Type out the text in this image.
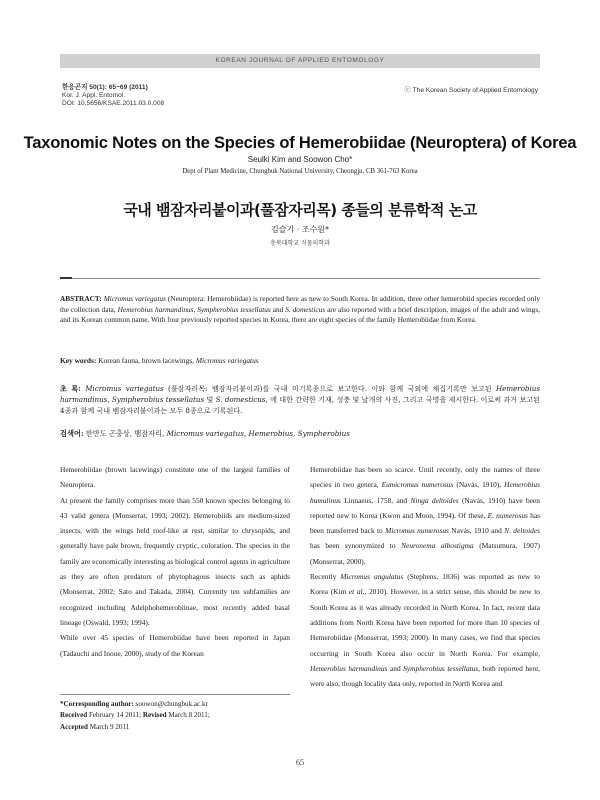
KOREAN JOURNAL OF APPLIED ENTOMOLOGY
한응곤지 50(1): 65~69 (2011)
Kor. J. Appl. Entomol.
DOI: 10.5656/KSAE.2011.03.0.008
ⓒ The Korean Society of Applied Entomology
Taxonomic Notes on the Species of Hemerobiidae (Neuroptera) of Korea
Seulki Kim and Soowon Cho*
Dept of Plant Medicine, Chungbuk National University, Cheongju, CB 361-763 Korea
국내 뱀잠자리붙이과(풀잠자리목) 종들의 분류학적 논고
김슬기 · 조수원*
충북대학교 식물의학과
ABSTRACT: Micromus variegatus (Neuroptera: Hemerobiidae) is reported here as new to South Korea. In addition, three other hemerobiid species recorded only the collection data, Hemerobius harmandinus, Sympherobius tessellatus and S. domesticus are also reported with a brief description, images of the adult and wings, and its Korean common name. With four previously reported species in Korea, there are eight species of the family Hemerobiidae from Korea.
Key words: Korean fauna, brown lacewings, Micromus variegatus
초 록: Micromus variegatus (풀잠자리목: 뱀잠자리붙이과)를 국내 미기록종으로 보고한다. 이와 함께 국외에 채집기록만 보고된 Hemerobius harmandinus, Sympherobius tessellatus 및 S. domesticus, 에 대한 간략한 기재, 성충 및 날개의 사진, 그리고 국명을 제시한다. 이로써 과거 보고된 4종과 함께 국내 뱀잠자리붙이과는 모두 8종으로 기록된다.
검색어: 한반도 곤충상, 뱀잠자리, Micromus variegatus, Hemerobius, Sympherobius

Hemerobiidae (brown lacewings) constitute one of the largest families of Neuroptera.

At present the family comprises more than 550 known species belonging to 43 valid genera (Monserrat, 1993; 2002). Hemerobiids are medium-sized insects, with the wings held roof-like at rest, similar to chrysopids, and generally have pale brown, frequently cryptic, coloration. The species in the family are economically interesting as biological control agents in agriculture as they are often predators of phytophagous insects such as aphids (Monserrat, 2002; Sato and Takada, 2004). Currently ten subfamilies are recognized including Adelphohemerobiinae, most recently added basal lineage (Oswald, 1993; 1994).

While over 45 species of Hemerobiidae have been reported in Japan (Tadauchi and Inoue, 2000), study of the Korean

*Corresponding author: soowon@chungbuk.ac.kr
Received February 14 2011; Revised March 8 2011;
Accepted March 9 2011

Hemerobiidae has been so scarce. Until recently, only the names of three species in two genera, Eumicromus numerosus (Navás, 1910), Hemerobius humulinus Linnaeus, 1758, and Ninga deltoides (Navás, 1910) have been reported new to Korea (Kwon and Moon, 1994). Of these, E. numerosus has been transferred back to Micromus numerosus Navás, 1910 and N. deltoides has been synonymized to Neuronema albostigma (Matsumura, 1907) (Monserrat, 2000).

Recently Micromus angulatus (Stephens, 1836) was reported as new to Korea (Kim et al., 2010). However, in a strict sense, this should be new to South Korea as it was already recorded in North Korea. In fact, recent data additions from North Korea have been reported for more than 10 species of Hemerobiidae (Monserrat, 1993; 2000). In many cases, we find that species occurring in South Korea also occur in North Korea. For example, Hemerobius harmandinus and Sympherobius tessellatus, both reported here, were also, though locality data only, reported in North Korea and

65
